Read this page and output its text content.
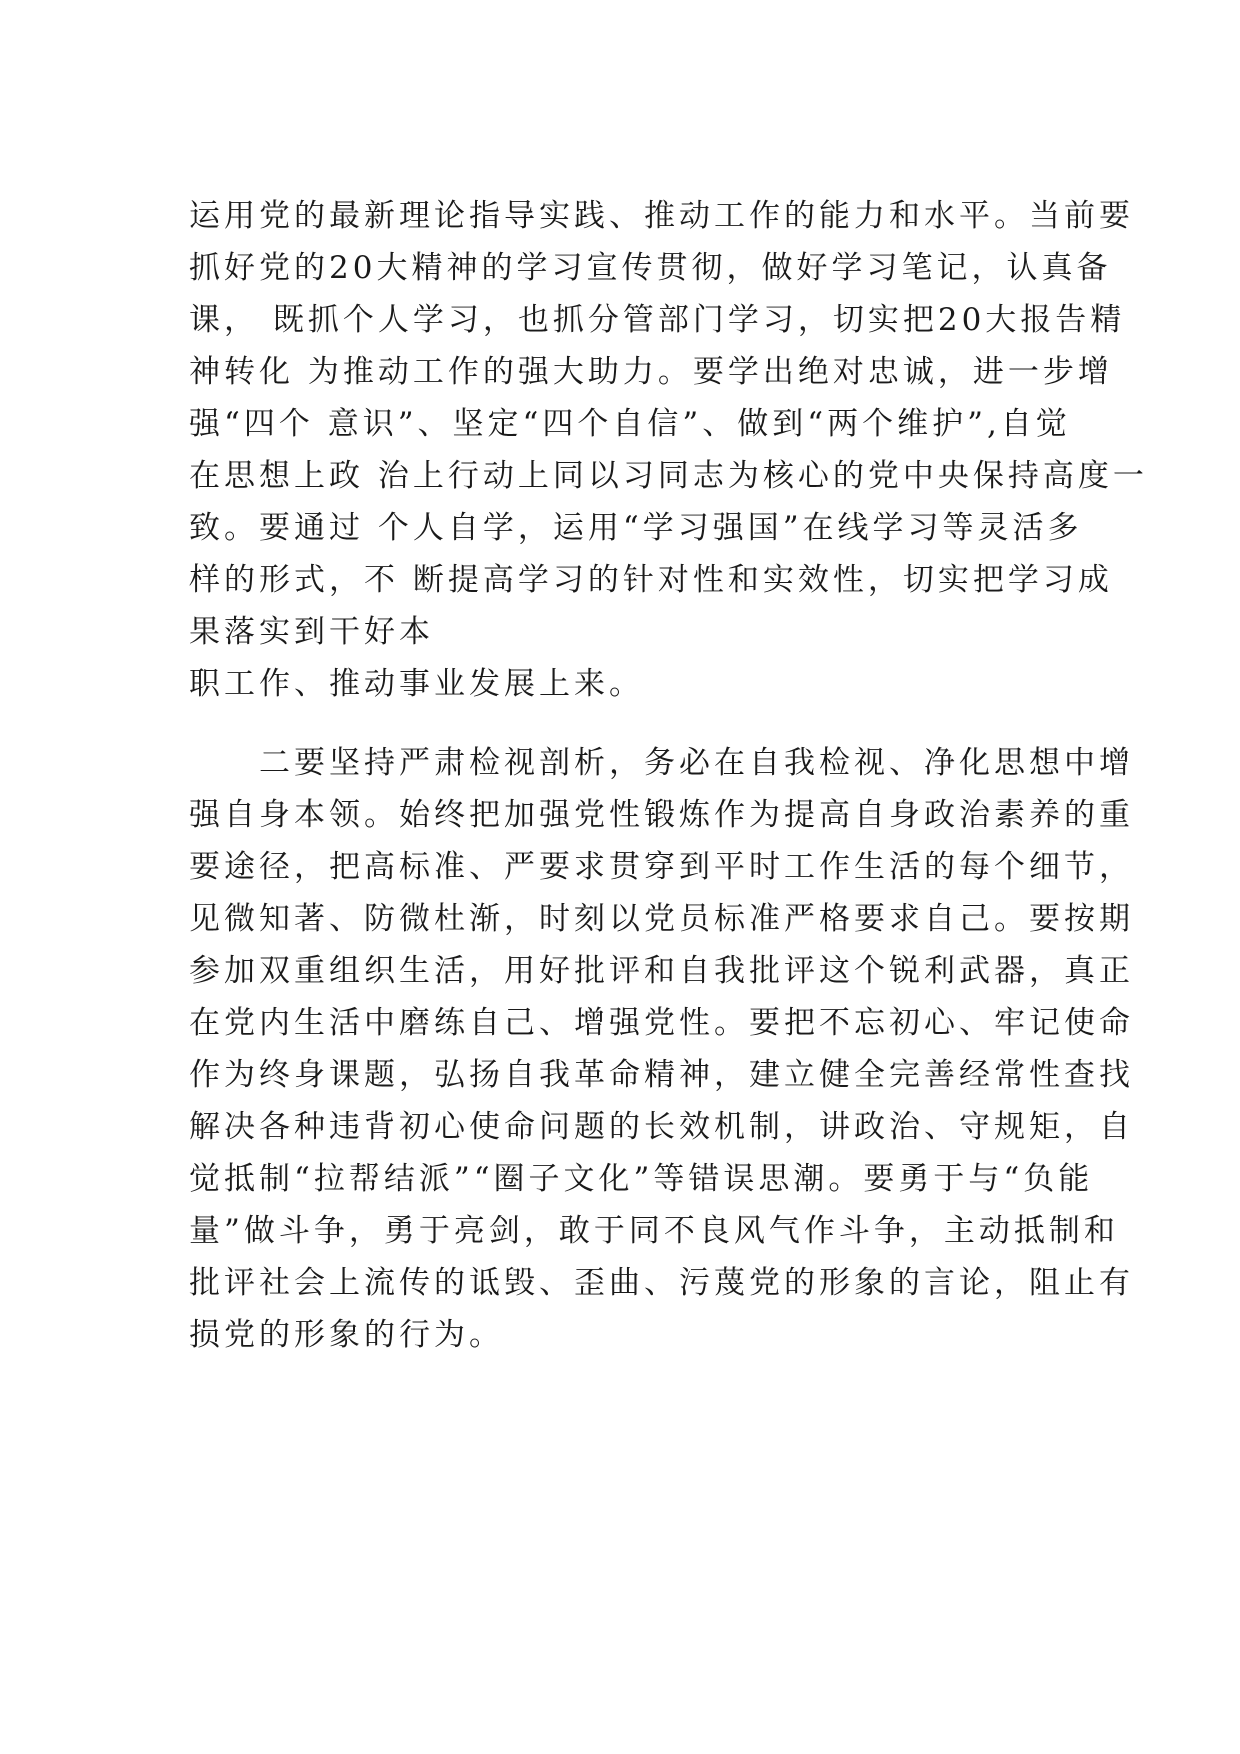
运用党的最新理论指导实践、推动工作的能力和水平。当前要
抓好党的20大精神的学习宣传贯彻，做好学习笔记，认真备
课， 既抓个人学习，也抓分管部门学习，切实把20大报告精
神转化 为推动工作的强大助力。要学出绝对忠诚，进一步增
强“四个 意识”、坚定“四个自信”、做到“两个维护”,自觉
在思想上政 治上行动上同以习同志为核心的党中央保持高度一
致。要通过 个人自学，运用“学习强国”在线学习等灵活多
样的形式，不 断提高学习的针对性和实效性，切实把学习成
果落实到干好本
职工作、推动事业发展上来。
　　二要坚持严肃检视剖析，务必在自我检视、净化思想中增
强自身本领。始终把加强党性锻炼作为提高自身政治素养的重
要途径，把高标准、严要求贯穿到平时工作生活的每个细节，
见微知著、防微杜渐，时刻以党员标准严格要求自己。要按期
参加双重组织生活，用好批评和自我批评这个锐利武器，真正
在党内生活中磨练自己、增强党性。要把不忘初心、牢记使命
作为终身课题，弘扬自我革命精神，建立健全完善经常性查找
解决各种违背初心使命问题的长效机制，讲政治、守规矩，自
觉抵制“拉帮结派”“圈子文化”等错误思潮。要勇于与“负能
量”做斗争，勇于亮剑，敢于同不良风气作斗争，主动抵制和
批评社会上流传的诋毁、歪曲、污蔑党的形象的言论，阻止有
损党的形象的行为。
